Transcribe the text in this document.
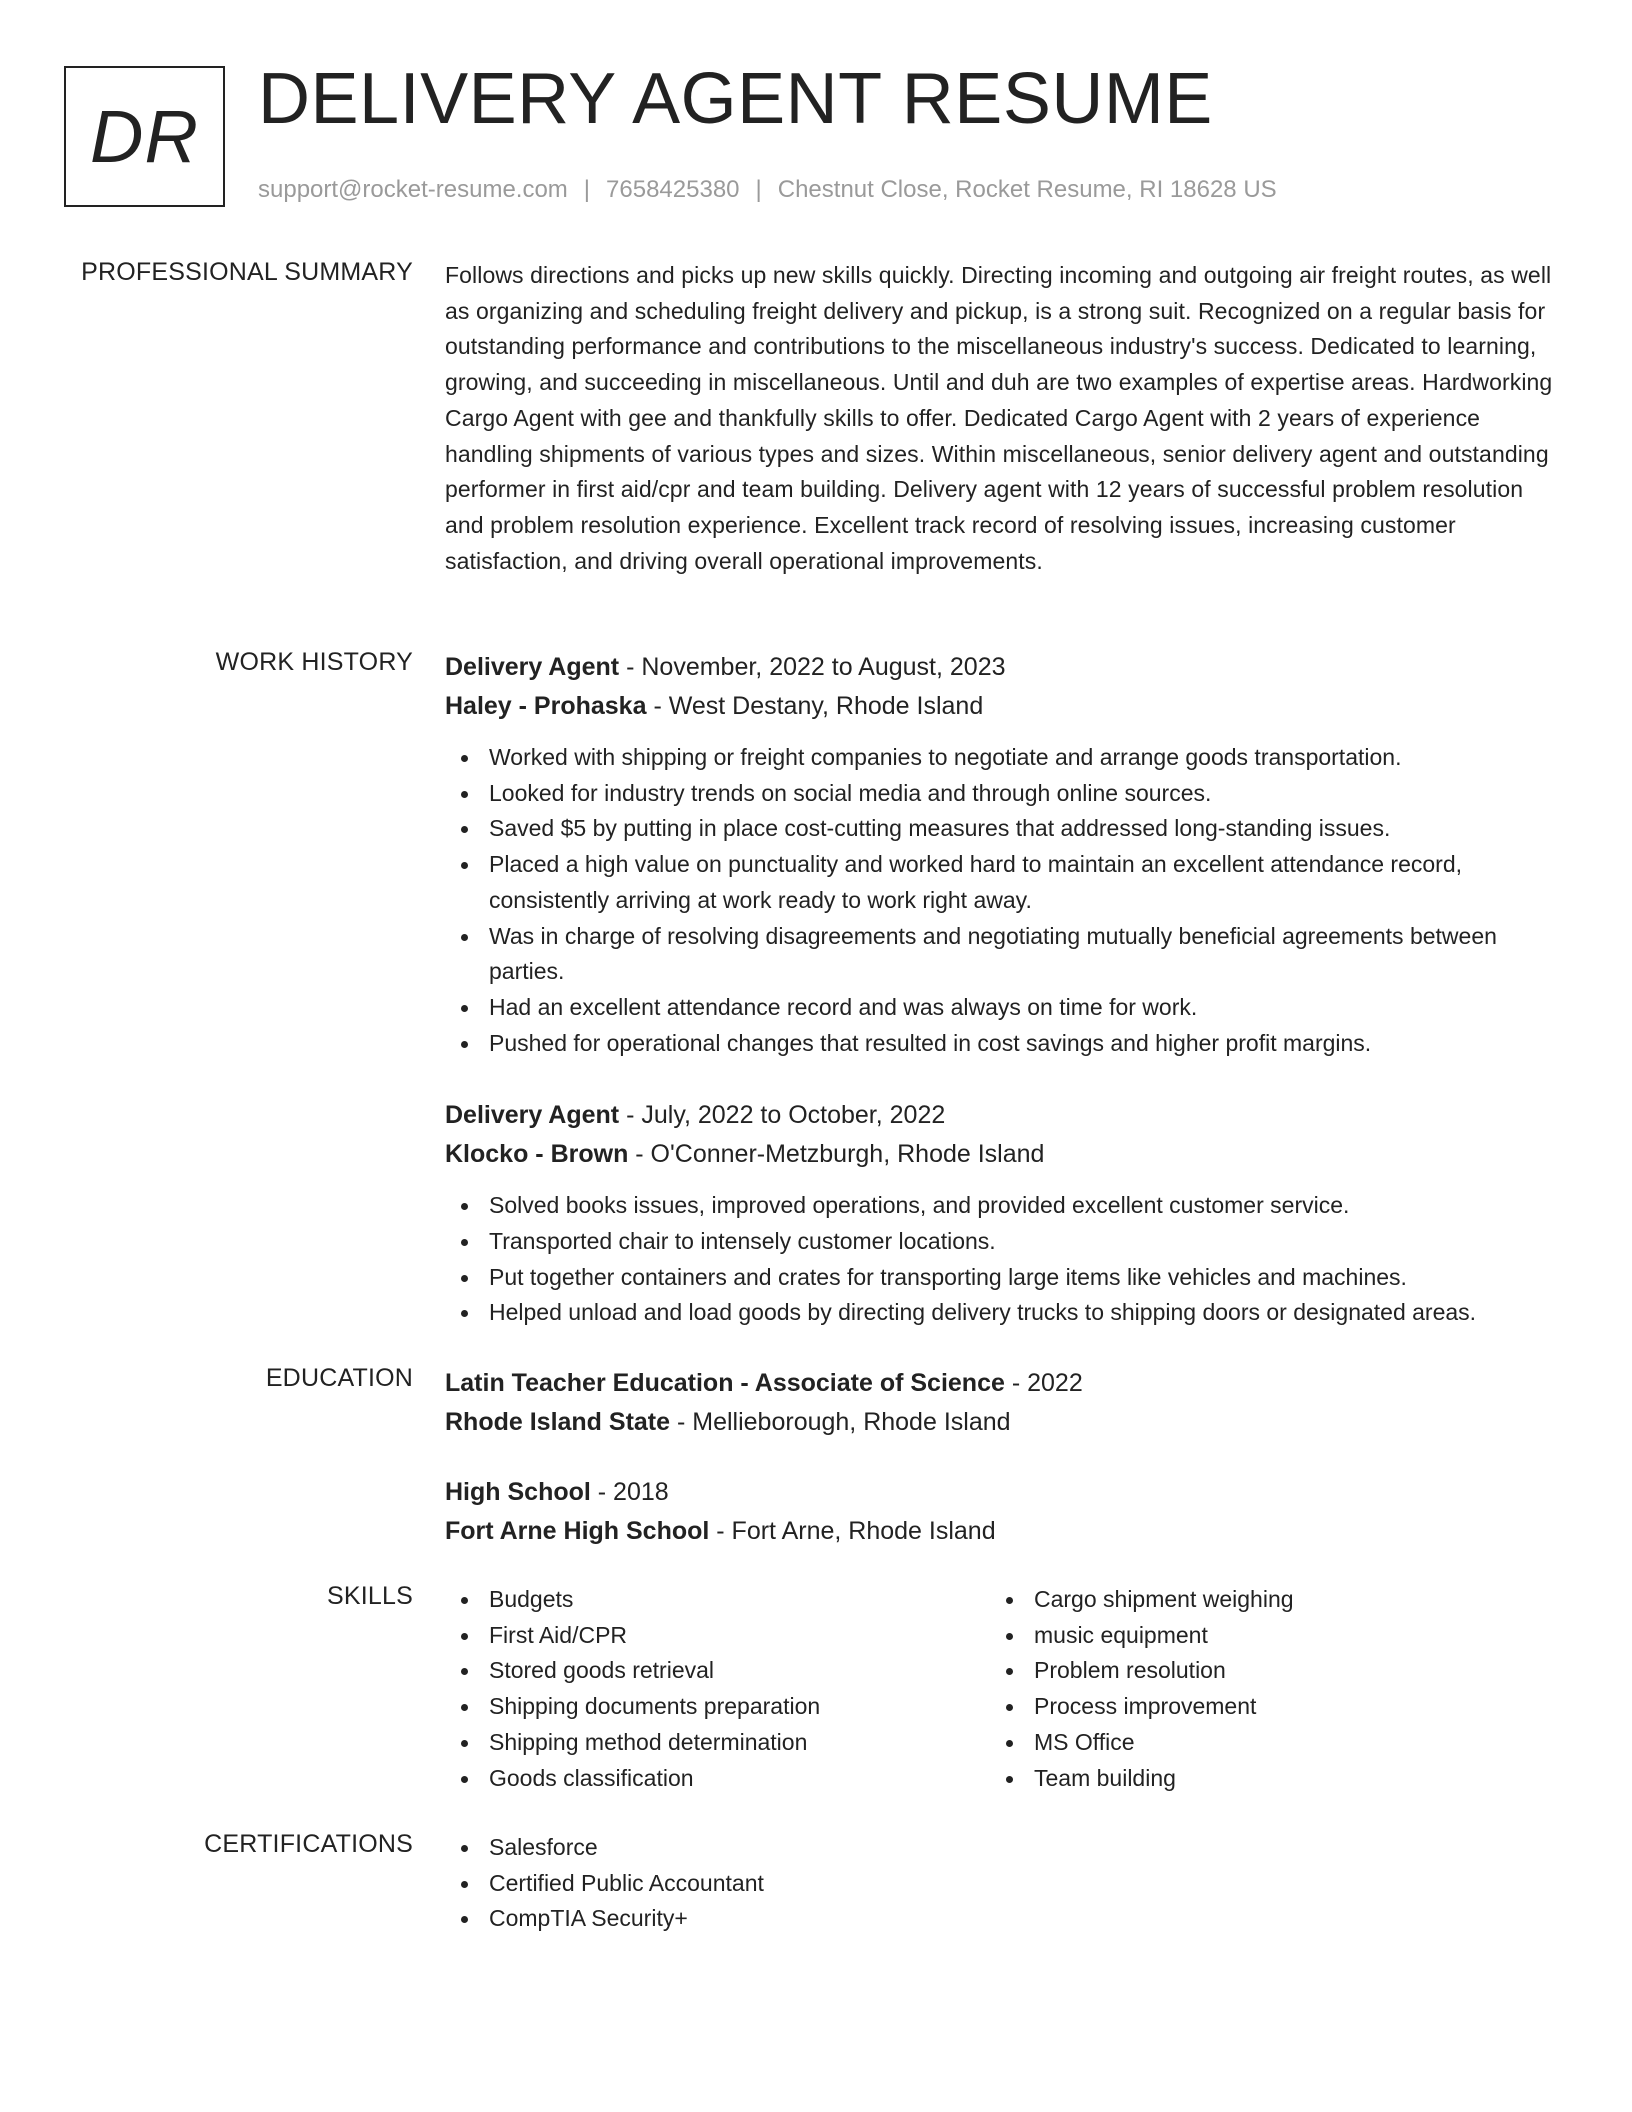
DR DELIVERY AGENT RESUME
support@rocket-resume.com | 7658425380 | Chestnut Close, Rocket Resume, RI 18628 US
PROFESSIONAL SUMMARY Follows directions and picks up new skills quickly. Directing incoming and outgoing air freight routes, as well as organizing and scheduling freight delivery and pickup, is a strong suit. Recognized on a regular basis for outstanding performance and contributions to the miscellaneous industry's success. Dedicated to learning, growing, and succeeding in miscellaneous. Until and duh are two examples of expertise areas. Hardworking Cargo Agent with gee and thankfully skills to offer. Dedicated Cargo Agent with 2 years of experience handling shipments of various types and sizes. Within miscellaneous, senior delivery agent and outstanding performer in first aid/cpr and team building. Delivery agent with 12 years of successful problem resolution and problem resolution experience. Excellent track record of resolving issues, increasing customer satisfaction, and driving overall operational improvements.

WORK HISTORY Delivery Agent - November, 2022 to August, 2023
Haley - Prohaska - West Destany, Rhode Island
Worked with shipping or freight companies to negotiate and arrange goods transportation.
Looked for industry trends on social media and through online sources.
Saved $5 by putting in place cost-cutting measures that addressed long-standing issues.
Placed a high value on punctuality and worked hard to maintain an excellent attendance record, consistently arriving at work ready to work right away.
Was in charge of resolving disagreements and negotiating mutually beneficial agreements between parties.
Had an excellent attendance record and was always on time for work.
Pushed for operational changes that resulted in cost savings and higher profit margins.
Delivery Agent - July, 2022 to October, 2022
Klocko - Brown - O'Conner-Metzburgh, Rhode Island
Solved books issues, improved operations, and provided excellent customer service.
Transported chair to intensely customer locations.
Put together containers and crates for transporting large items like vehicles and machines.
Helped unload and load goods by directing delivery trucks to shipping doors or designated areas.
EDUCATION Latin Teacher Education - Associate of Science - 2022
Rhode Island State - Mellieborough, Rhode Island
High School - 2018
Fort Arne High School - Fort Arne, Rhode Island
SKILLS	Budgets
First Aid/CPR
Stored goods retrieval
Shipping documents preparation
Shipping method determination
Goods classification
Cargo shipment weighing
music equipment
Problem resolution
Process improvement
MS Office
Team building
CERTIFICATIONS	Salesforce
Certified Public Accountant
CompTIA Security+
